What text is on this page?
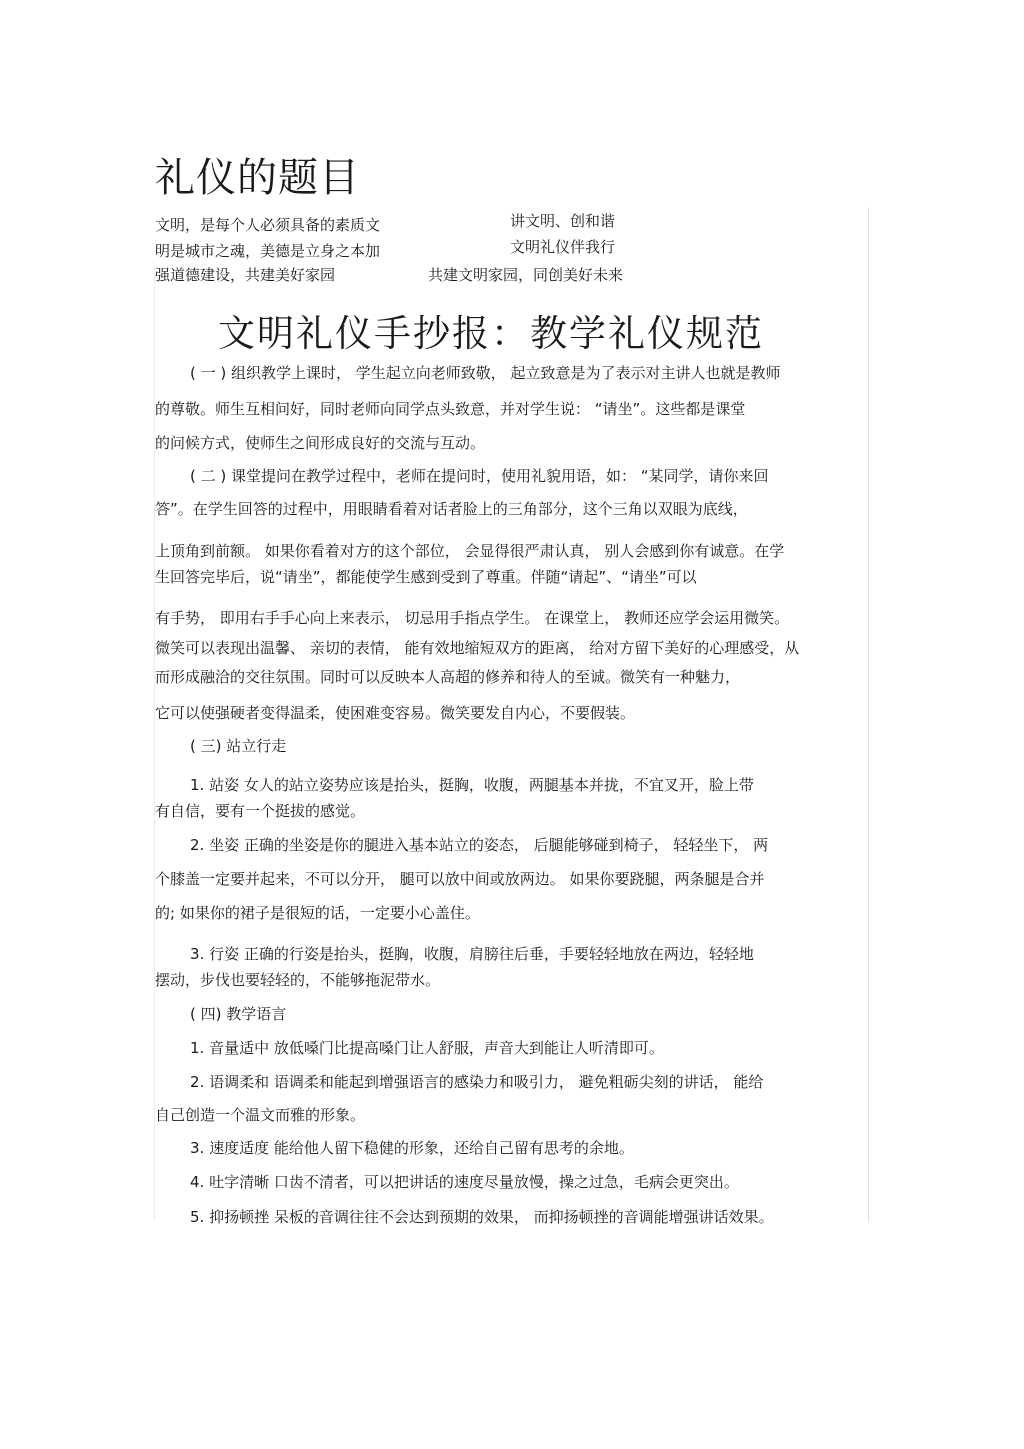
礼仪的题目
文明，是每个人必须具备的素质文
明是城市之魂，美德是立身之本加
强道德建设，共建美好家园
讲文明、创和谐
文明礼仪伴我行
共建文明家园，同创美好未来
文明礼仪手抄报：教学礼仪规范
( 一 ) 组织教学上课时， 学生起立向老师致敬， 起立致意是为了表示对主讲人也就是教师
的尊敬。师生互相问好，同时老师向同学点头致意，并对学生说： “请坐”。这些都是课堂
的问候方式，使师生之间形成良好的交流与互动。
( 二 ) 课堂提问在教学过程中，老师在提问时，使用礼貌用语，如： “某同学，请你来回
答”。在学生回答的过程中，用眼睛看着对话者脸上的三角部分，这个三角以双眼为底线，
上顶角到前额。 如果你看着对方的这个部位， 会显得很严肃认真， 别人会感到你有诚意。在学
生回答完毕后，说“请坐”，都能使学生感到受到了尊重。伴随“请起”、“请坐”可以
有手势， 即用右手手心向上来表示， 切忌用手指点学生。 在课堂上， 教师还应学会运用微笑。
微笑可以表现出温馨、 亲切的表情， 能有效地缩短双方的距离， 给对方留下美好的心理感受，从
而形成融洽的交往氛围。同时可以反映本人高超的修养和待人的至诚。微笑有一种魅力，
它可以使强硬者变得温柔，使困难变容易。微笑要发自内心，不要假装。
( 三) 站立行走
1. 站姿 女人的站立姿势应该是抬头，挺胸，收腹，两腿基本并拢，不宜叉开，脸上带
有自信，要有一个挺拔的感觉。
2. 坐姿 正确的坐姿是你的腿进入基本站立的姿态， 后腿能够碰到椅子， 轻轻坐下， 两
个膝盖一定要并起来，不可以分开， 腿可以放中间或放两边。 如果你要跷腿，两条腿是合并
的; 如果你的裙子是很短的话，一定要小心盖住。
3. 行姿 正确的行姿是抬头，挺胸，收腹，肩膀往后垂，手要轻轻地放在两边，轻轻地
摆动，步伐也要轻轻的，不能够拖泥带水。
( 四) 教学语言
1. 音量适中 放低嗓门比提高嗓门让人舒服，声音大到能让人听清即可。
2. 语调柔和 语调柔和能起到增强语言的感染力和吸引力， 避免粗砺尖刻的讲话， 能给
自己创造一个温文而雅的形象。
3. 速度适度 能给他人留下稳健的形象，还给自己留有思考的余地。
4. 吐字清晰 口齿不清者，可以把讲话的速度尽量放慢，操之过急，毛病会更突出。
5. 抑扬顿挫 呆板的音调往往不会达到预期的效果， 而抑扬顿挫的音调能增强讲话效果。
